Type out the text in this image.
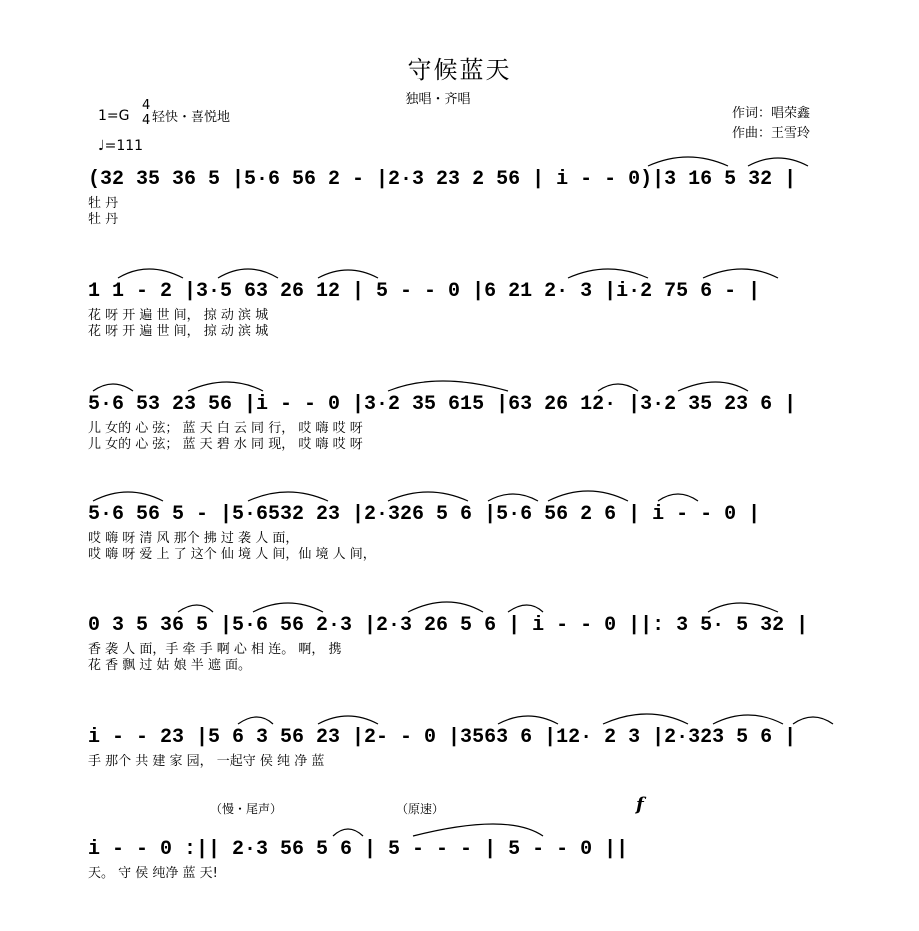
守候蓝天
独唱・齐唱
1=G
4
4 轻快・喜悦地
♩=111
作词：唱荣鑫
作曲：王雪玲
(32 35 36 5 |5·6 56 2 - |2·3 23 2 56 | i - - 0)|3 16 5 32 |
牡 丹
牡 丹
1 1 - 2 |3·5 63 26 12 | 5 - - 0 |6 21 2· 3 |i·2 75 6 - |
花 呀 开 遍 世 间， 掠 动 滨 城
花 呀 开 遍 世 间， 掠 动 滨 城
5·6 53 23 56 |i - - 0 |3·2 35 615 |63 26 12· |3·2 35 23 6 |
儿 女的 心 弦； 蓝 天 白 云 同 行， 哎 嗨 哎 呀
儿 女的 心 弦； 蓝 天 碧 水 同 现， 哎 嗨 哎 呀
5·6 56 5 - |5·6532 23 |2·326 5 6 |5·6 56 2 6 | i - - 0 |
哎 嗨 呀 清 风 那个 拂 过 袭 人 面，
哎 嗨 呀 爱 上 了 这个 仙 境 人 间，仙 境 人 间，
0 3 5 36 5 |5·6 56 2·3 |2·3 26 5 6 | i - - 0 ||: 3 5· 5 32 |
香 袭 人 面，手 牵 手 啊 心 相 连。 啊， 携
花 香 飘 过 姑 娘 半 遮 面。
i - - 23 |5 6 3 56 23 |2- - 0 |3563 6 |12· 2 3 |2·323 5 6 |
手 那个 共 建 家 园， 一起守 侯 纯 净 蓝
（慢・尾声）	（原速）	f
i - - 0 :|| 2·3 56 5 6 | 5 - - - | 5 - - 0 ||
天。 守 侯 纯净 蓝 天!
